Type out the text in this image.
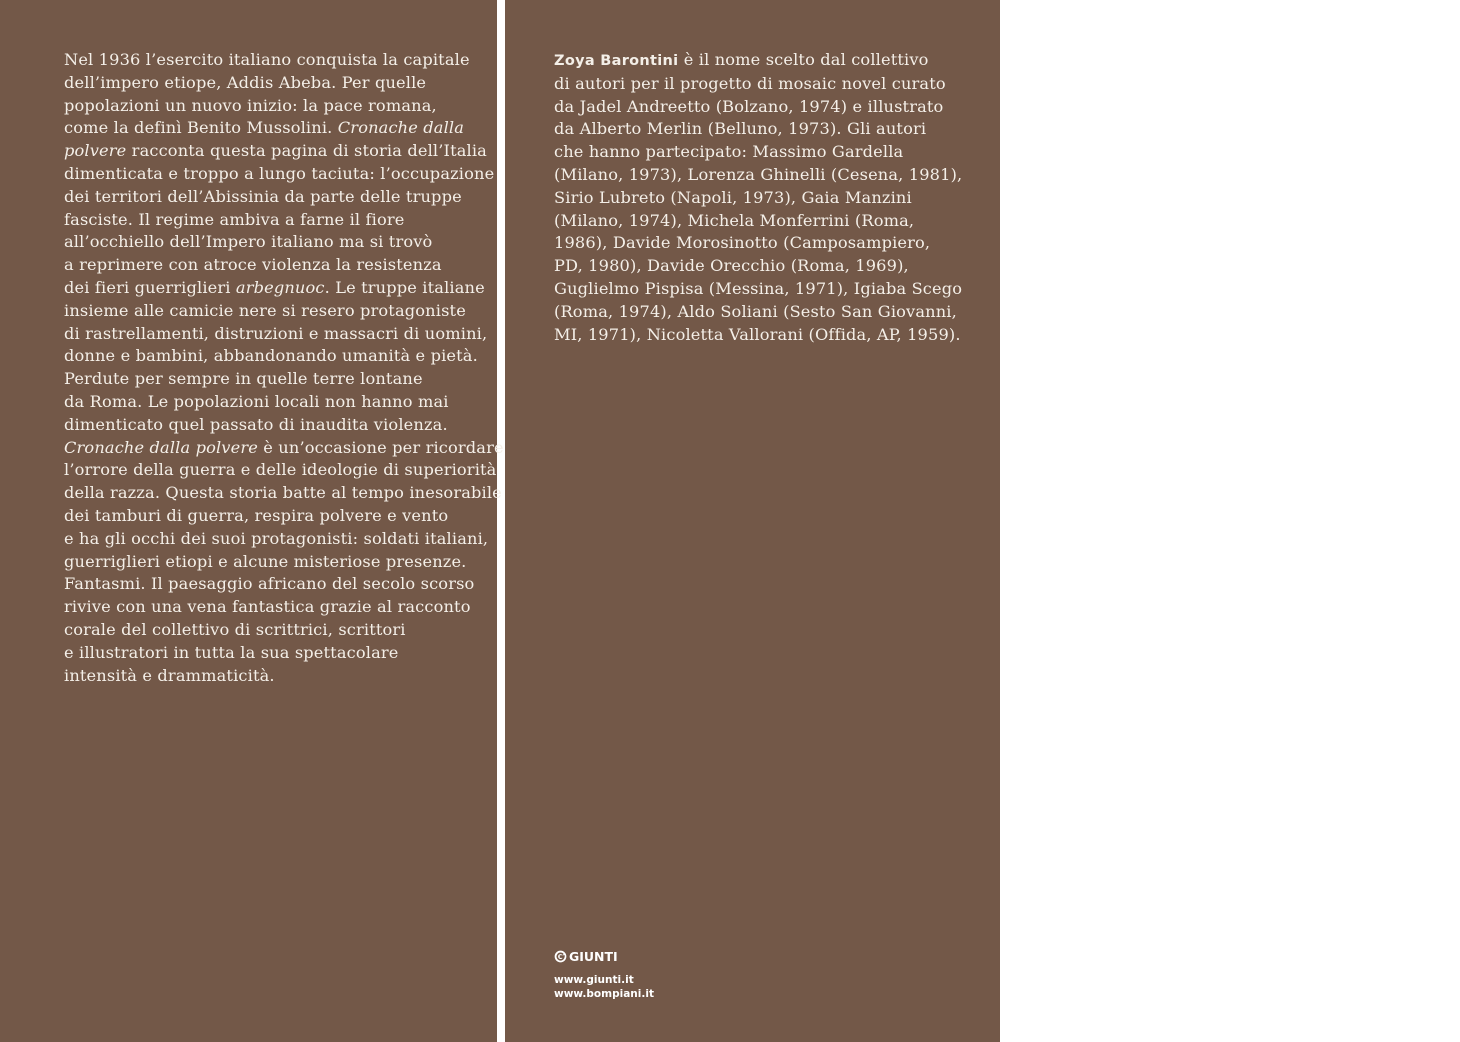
Nel 1936 l’esercito italiano conquista la capitale
dell’impero etiope, Addis Abeba. Per quelle
popolazioni un nuovo inizio: la pace romana,
come la definì Benito Mussolini. Cronache dalla
polvere racconta questa pagina di storia dell’Italia
dimenticata e troppo a lungo taciuta: l’occupazione
dei territori dell’Abissinia da parte delle truppe
fasciste. Il regime ambiva a farne il fiore
all’occhiello dell’Impero italiano ma si trovò
a reprimere con atroce violenza la resistenza
dei fieri guerriglieri arbegnuoc. Le truppe italiane
insieme alle camicie nere si resero protagoniste
di rastrellamenti, distruzioni e massacri di uomini,
donne e bambini, abbandonando umanità e pietà.
Perdute per sempre in quelle terre lontane
da Roma. Le popolazioni locali non hanno mai
dimenticato quel passato di inaudita violenza.
Cronache dalla polvere è un’occasione per ricordare
l’orrore della guerra e delle ideologie di superiorità
della razza. Questa storia batte al tempo inesorabile
dei tamburi di guerra, respira polvere e vento
e ha gli occhi dei suoi protagonisti: soldati italiani,
guerriglieri etiopi e alcune misteriose presenze.
Fantasmi. Il paesaggio africano del secolo scorso
rivive con una vena fantastica grazie al racconto
corale del collettivo di scrittrici, scrittori
e illustratori in tutta la sua spettacolare
intensità e drammaticità.
Zoya Barontini è il nome scelto dal collettivo
di autori per il progetto di mosaic novel curato
da Jadel Andreetto (Bolzano, 1974) e illustrato
da Alberto Merlin (Belluno, 1973). Gli autori
che hanno partecipato: Massimo Gardella
(Milano, 1973), Lorenza Ghinelli (Cesena, 1981),
Sirio Lubreto (Napoli, 1973), Gaia Manzini
(Milano, 1974), Michela Monferrini (Roma,
1986), Davide Morosinotto (Camposampiero,
PD, 1980), Davide Orecchio (Roma, 1969),
Guglielmo Pispisa (Messina, 1971), Igiaba Scego
(Roma, 1974), Aldo Soliani (Sesto San Giovanni,
MI, 1971), Nicoletta Vallorani (Offida, AP, 1959).
GIUNTI
www.giunti.it
www.bompiani.it	Progetto grafico generale: Polystudio. Progetto grafico di copertina: Francesca Zucchi.
